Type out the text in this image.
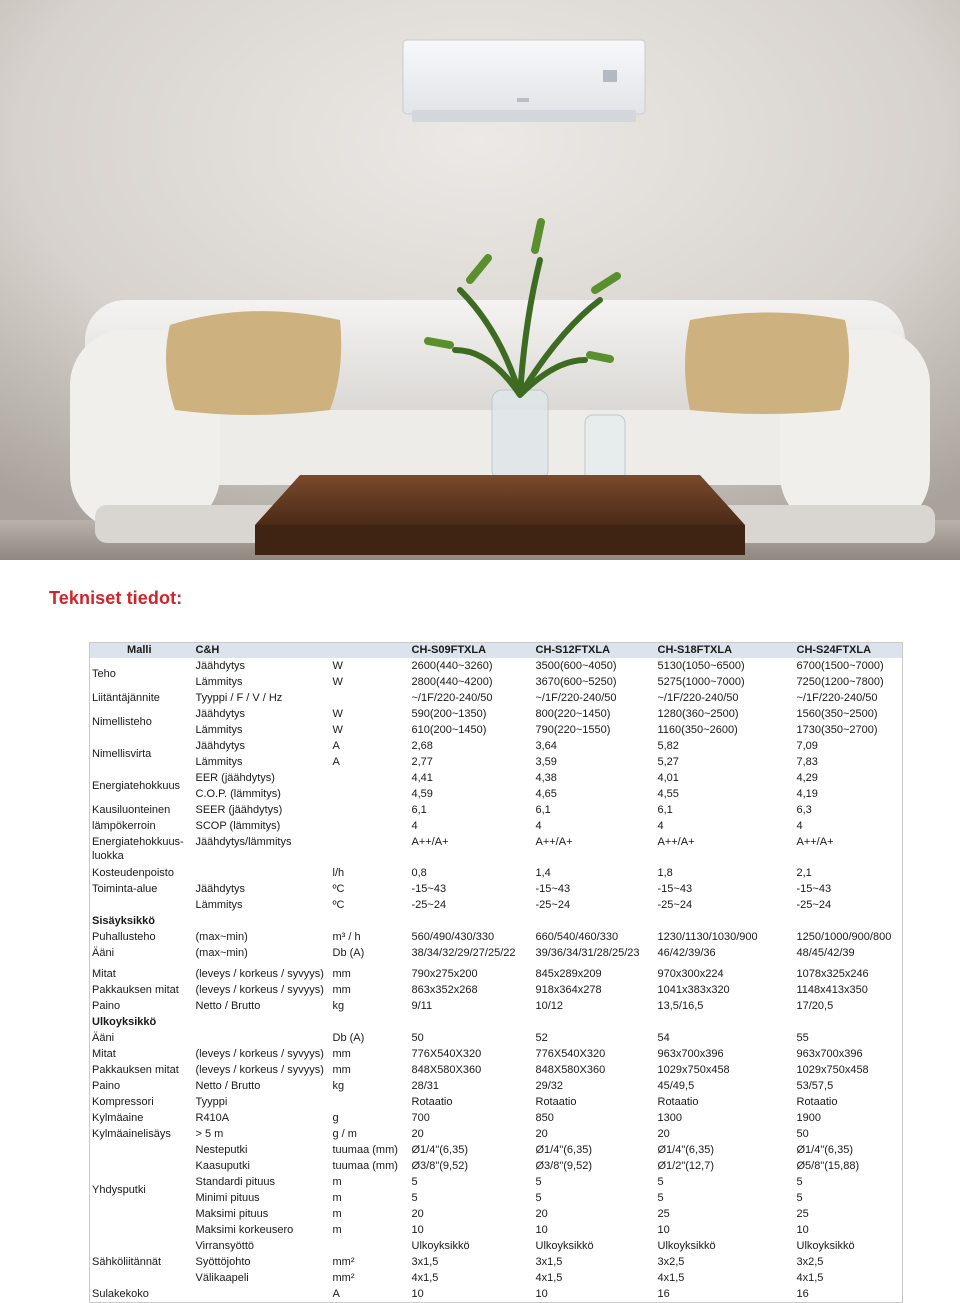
Tekniset tiedot:
Malli	C&H		CH-S09FTXLA	CH-S12FTXLA	CH-S18FTXLA	CH-S24FTXLA
Teho	Jäähdytys	W	2600(440~3260)	3500(600~4050)	5130(1050~6500)	6700(1500~7000)
	Lämmitys	W	2800(440~4200)	3670(600~5250)	5275(1000~7000)	7250(1200~7800)
Liitäntäjännite	Tyyppi / F / V / Hz		~/1F/220-240/50	~/1F/220-240/50	~/1F/220-240/50	~/1F/220-240/50
Nimellisteho	Jäähdytys	W	590(200~1350)	800(220~1450)	1280(360~2500)	1560(350~2500)
	Lämmitys	W	610(200~1450)	790(220~1550)	1160(350~2600)	1730(350~2700)
Nimellisvirta	Jäähdytys	A	2,68	3,64	5,82	7,09
	Lämmitys	A	2,77	3,59	5,27	7,83
Energiatehokkuus	EER (jäähdytys)		4,41	4,38	4,01	4,29
	C.O.P. (lämmitys)		4,59	4,65	4,55	4,19
Kausiluonteinen	SEER (jäähdytys)		6,1	6,1	6,1	6,3
lämpökerroin	SCOP (lämmitys)		4	4	4	4
Energiatehokkuus-luokka	Jäähdytys/lämmitys		A++/A+	A++/A+	A++/A+	A++/A+
Kosteudenpoisto		l/h	0,8	1,4	1,8	2,1
Toiminta-alue	Jäähdytys	ºC	-15~43	-15~43	-15~43	-15~43
	Lämmitys	ºC	-25~24	-25~24	-25~24	-25~24
Sisäyksikkö						
Puhallusteho	(max~min)	m³ / h	560/490/430/330	660/540/460/330	1230/1130/1030/900	1250/1000/900/800
Ääni	(max~min)	Db (A)	38/34/32/29/27/25/22	39/36/34/31/28/25/23	46/42/39/36	48/45/42/39

Mitat	(leveys / korkeus / syvyys)	mm	790x275x200	845x289x209	970x300x224	1078x325x246
Pakkauksen mitat	(leveys / korkeus / syvyys)	mm	863x352x268	918x364x278	1041x383x320	1148x413x350
Paino	Netto / Brutto	kg	9/11	10/12	13,5/16,5	17/20,5
Ulkoyksikkö						
Ääni		Db (A)	50	52	54	55
Mitat	(leveys / korkeus / syvyys)	mm	776X540X320	776X540X320	963x700x396	963x700x396
Pakkauksen mitat	(leveys / korkeus / syvyys)	mm	848X580X360	848X580X360	1029x750x458	1029x750x458
Paino	Netto / Brutto	kg	28/31	29/32	45/49,5	53/57,5
Kompressori	Tyyppi		Rotaatio	Rotaatio	Rotaatio	Rotaatio
Kylmäaine	R410A	g	700	850	1300	1900
Kylmäainelisäys	> 5 m	g / m	20	20	20	50
Yhdysputki	Nesteputki	tuumaa (mm)	Ø1/4"(6,35)	Ø1/4"(6,35)	Ø1/4"(6,35)	Ø1/4"(6,35)
	Kaasuputki	tuumaa (mm)	Ø3/8"(9,52)	Ø3/8"(9,52)	Ø1/2"(12,7)	Ø5/8"(15,88)
	Standardi pituus	m	5	5	5	5
	Minimi pituus	m	5	5	5	5
	Maksimi pituus	m	20	20	25	25
	Maksimi korkeusero	m	10	10	10	10
Sähköliitännät	Virransyöttö		Ulkoyksikkö	Ulkoyksikkö	Ulkoyksikkö	Ulkoyksikkö
	Syöttöjohto	mm²	3x1,5	3x1,5	3x2,5	3x2,5
	Välikaapeli	mm²	4x1,5	4x1,5	4x1,5	4x1,5
Sulakekoko		A	10	10	16	16
